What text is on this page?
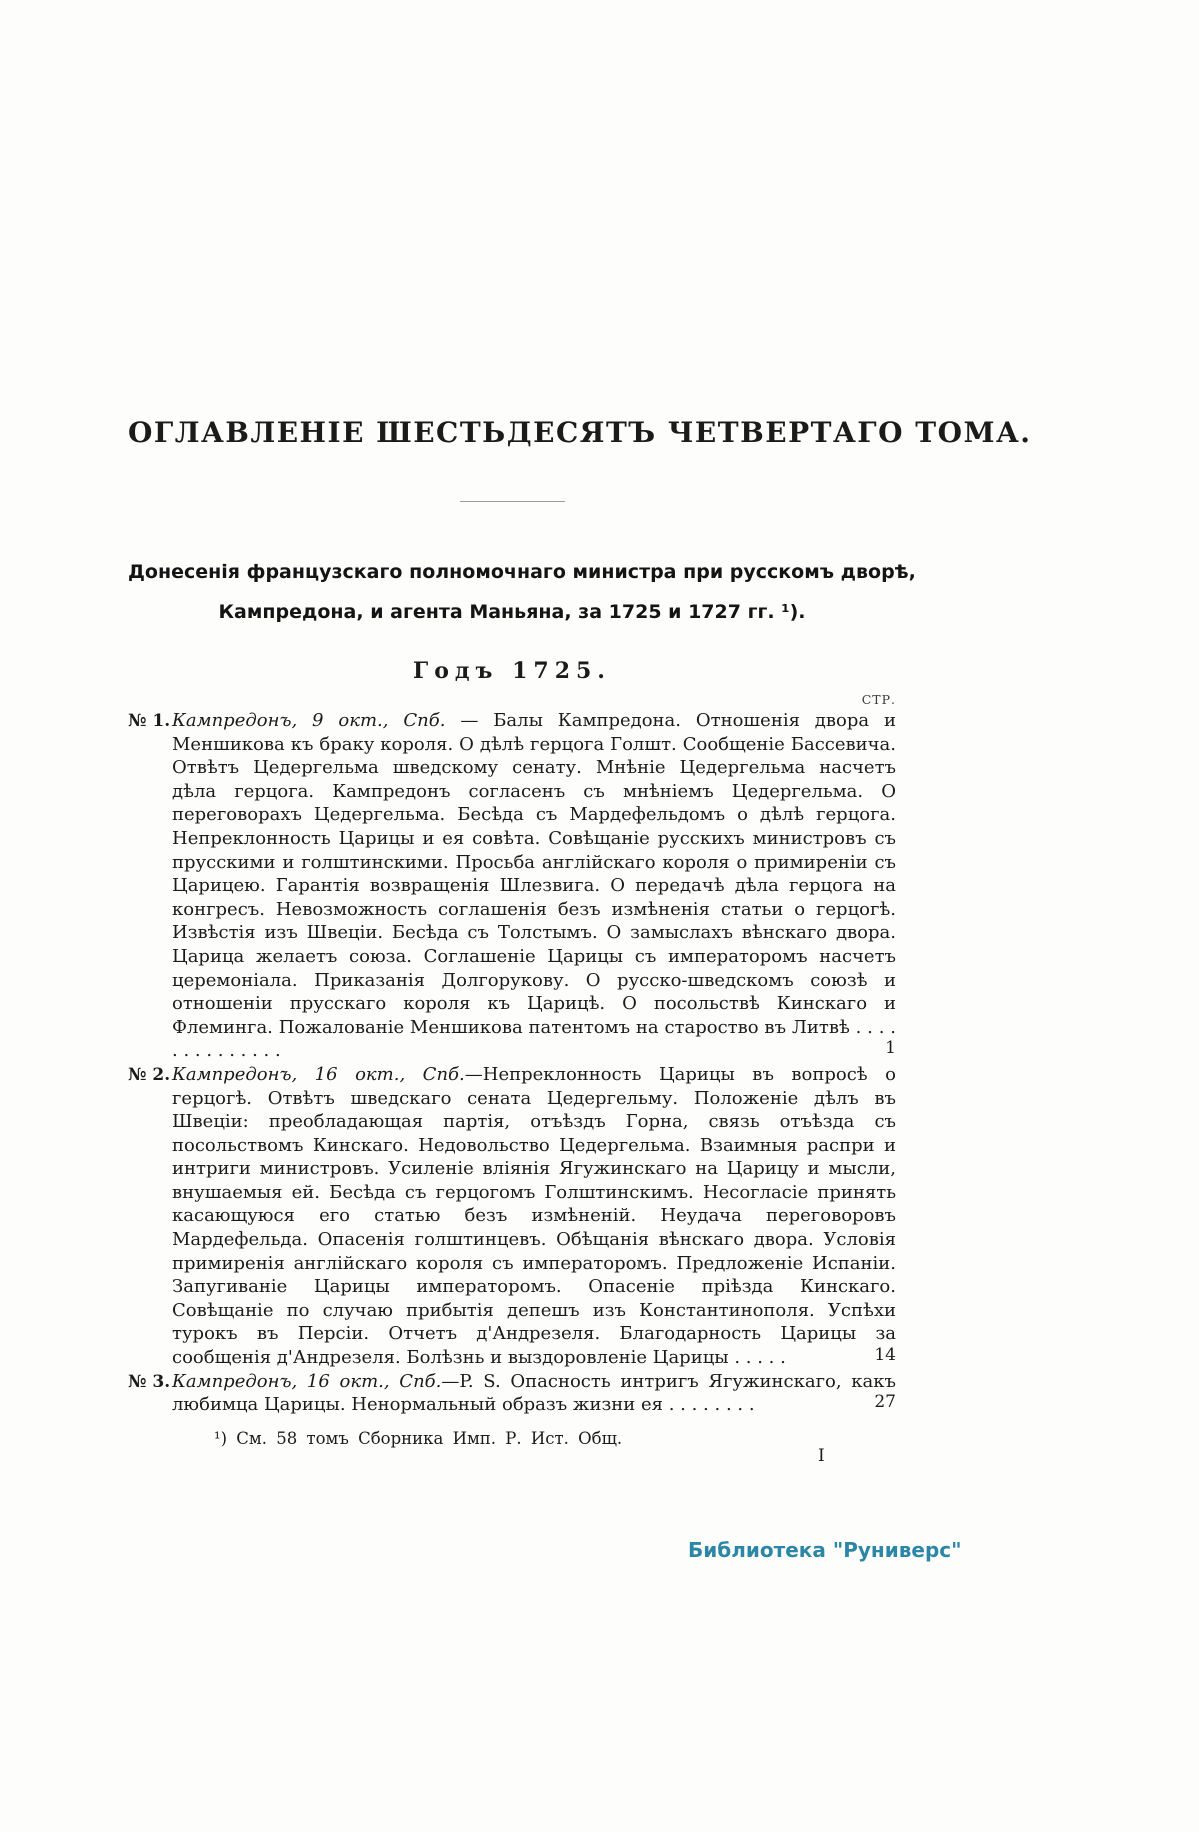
ОГЛАВЛЕНІЕ ШЕСТЬДЕСЯТЪ ЧЕТВЕРТАГО ТОМА.
Донесенія французскаго полномочнаго министра при русскомъ дворѣ,
Кампредона, и агента Маньяна, за 1725 и 1727 гг. ¹).
Годъ 1725.
СТР.
№ 1. Кампредонъ, 9 окт., Спб. — Балы Кампредона. Отношенія двора и Меншикова къ браку короля. О дѣлѣ герцога Голшт. Сообщеніе Бассевича. Отвѣтъ Цедергельма шведскому сенату. Мнѣніе Цедергельма насчетъ дѣла герцога. Кампредонъ согласенъ съ мнѣніемъ Цедергельма. О переговорахъ Цедергельма. Бесѣда съ Мардефельдомъ о дѣлѣ герцога. Непреклонность Царицы и ея совѣта. Совѣщаніе русскихъ министровъ съ прусскими и голштинскими. Просьба англійскаго короля о примиреніи съ Царицею. Гарантія возвращенія Шлезвига. О передачѣ дѣла герцога на конгресъ. Невозможность соглашенія безъ измѣненія статьи о герцогѣ. Извѣстія изъ Швеціи. Бесѣда съ Толстымъ. О замыслахъ вѣнскаго двора. Царица желаетъ союза. Соглашеніе Царицы съ императоромъ насчетъ церемоніала. Приказанія Долгорукову. О русско-шведскомъ союзѣ и отношеніи прусскаго короля къ Царицѣ. О посольствѣ Кинскаго и Флеминга. Пожалованіе Меншикова патентомъ на староство въ Литвѣ . . . . . . . . . . . . . .	1
№ 2. Кампредонъ, 16 окт., Спб.—Непреклонность Царицы въ вопросѣ о герцогѣ. Отвѣтъ шведскаго сената Цедергельму. Положеніе дѣлъ въ Швеціи: преобладающая партія, отъѣздъ Горна, связь отъѣзда съ посольствомъ Кинскаго. Недовольство Цедергельма. Взаимныя распри и интриги министровъ. Усиленіе вліянія Ягужинскаго на Царицу и мысли, внушаемыя ей. Бесѣда съ герцогомъ Голштинскимъ. Несогласіе принять касающуюся его статью безъ измѣненій. Неудача переговоровъ Мардефельда. Опасенія голштинцевъ. Обѣщанія вѣнскаго двора. Условія примиренія англійскаго короля съ императоромъ. Предложеніе Испаніи. Запугиваніе Царицы императоромъ. Опасеніе пріѣзда Кинскаго. Совѣщаніе по случаю прибытія депешъ изъ Константинополя. Успѣхи турокъ въ Персіи. Отчетъ д'Андрезеля. Благодарность Царицы за сообщенія д'Андрезеля. Болѣзнь и выздоровленіе Царицы . . . . .	14
№ 3. Кампредонъ, 16 окт., Спб.—P. S. Опасность интригъ Ягужинскаго, какъ любимца Царицы. Ненормальный образъ жизни ея . . . . . . . .	27
¹) См. 58 томъ Сборника Имп. Р. Ист. Общ.
I
Библиотека "Руниверс"
